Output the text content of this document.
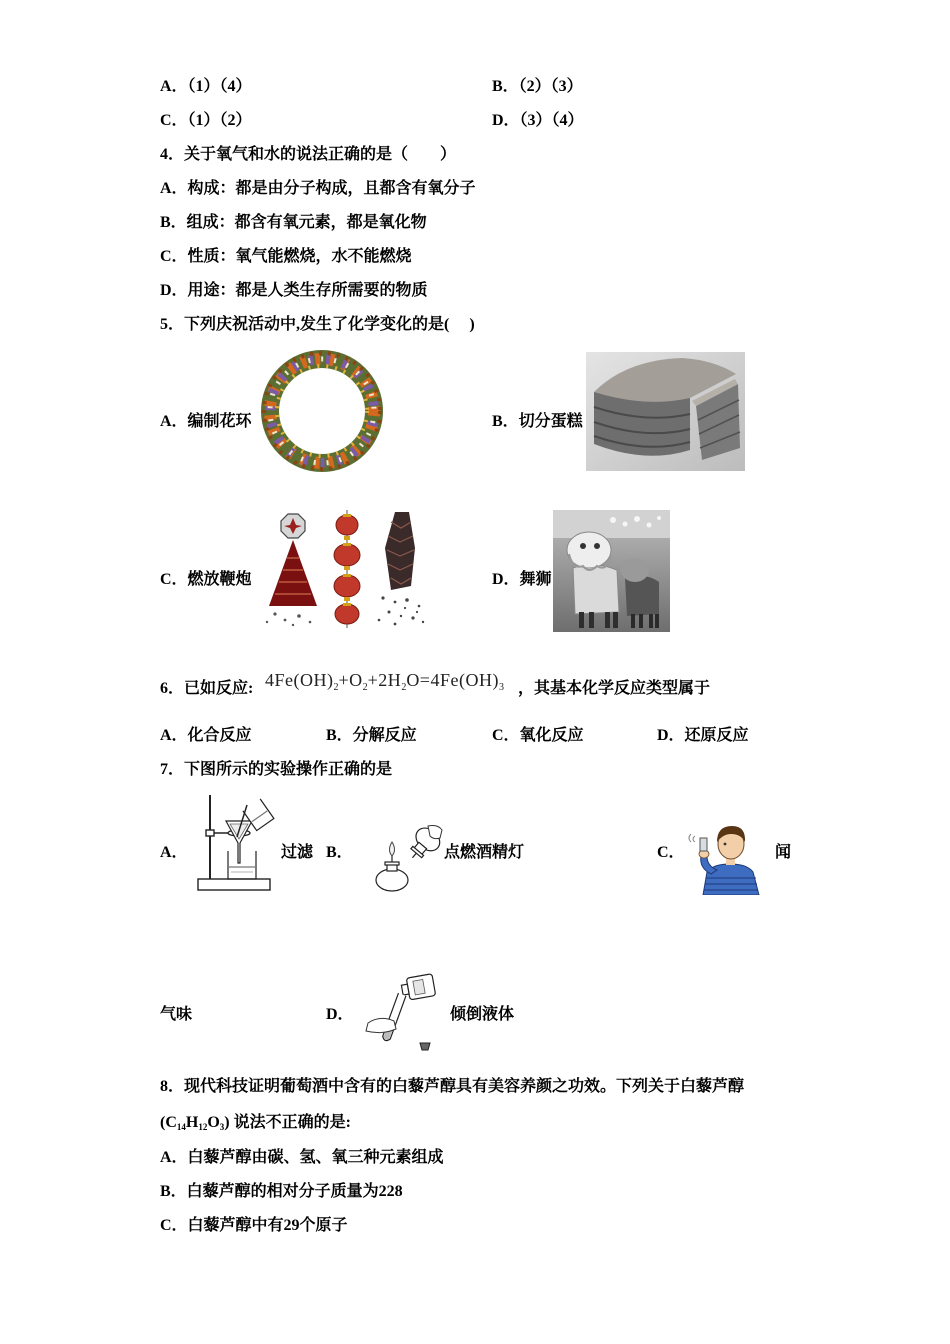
A．（1）（4）	B．（2）（3）
C．（1）（2）	D．（3）（4）
4．关于氧气和水的说法正确的是（　　）
A．构成：都是由分子构成，且都含有氧分子
B．组成：都含有氧元素，都是氧化物
C．性质：氧气能燃烧，水不能燃烧
D．用途：都是人类生存所需要的物质
5．下列庆祝活动中,发生了化学变化的是(　 )
A．编制花环	B．切分蛋糕
C．燃放鞭炮	D．舞狮
6．已如反应: $4Fe(OH)_2+O_2+2H_2O=4Fe(OH)_3$ ，其基本化学反应类型属于
A．化合反应	B．分解反应	C．氧化反应	D．还原反应
7．下图所示的实验操作正确的是
A．	过滤 B．	点燃酒精灯	C．	闻
气味	D．	倾倒液体
8．现代科技证明葡萄酒中含有的白藜芦醇具有美容养颜之功效。下列关于白藜芦醇
$(C_{14}H_{12}O_3)$ 说法不正确的是:
A．白藜芦醇由碳、氢、氧三种元素组成
B．白藜芦醇的相对分子质量为228
C．白藜芦醇中有29个原子
